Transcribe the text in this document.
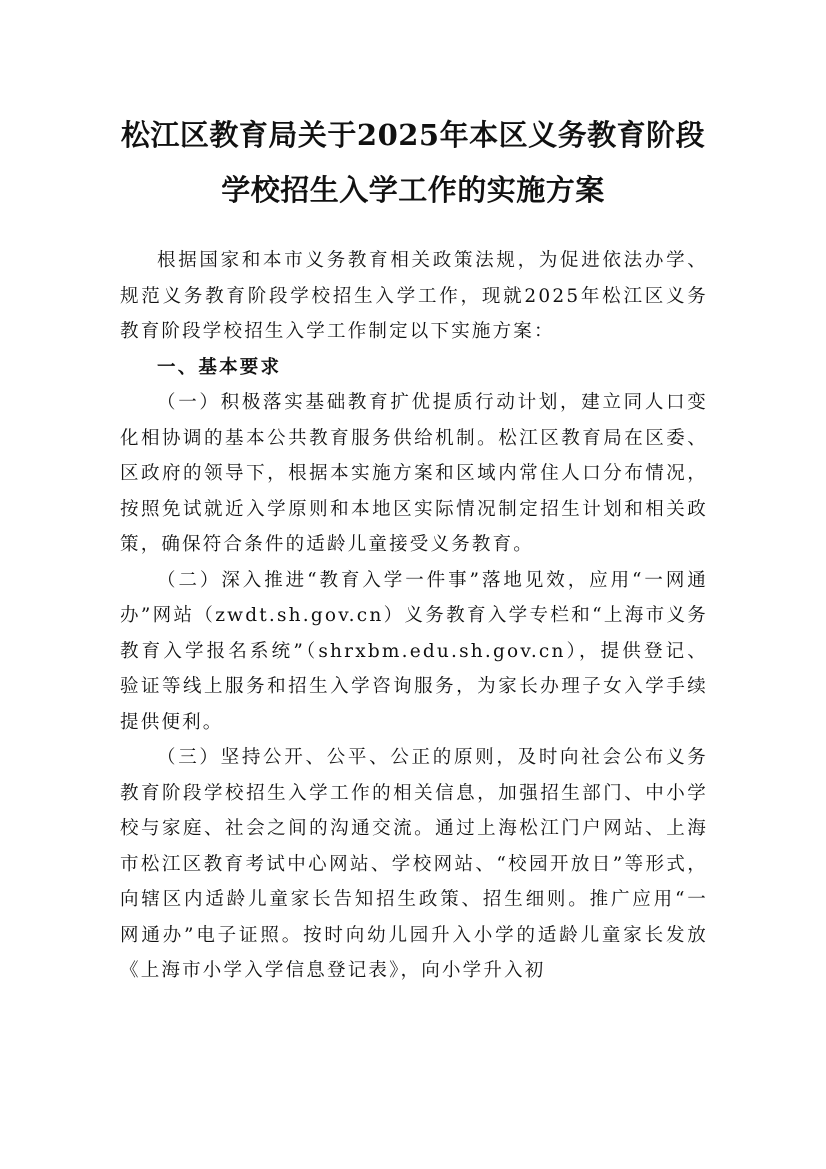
松江区教育局关于2025年本区义务教育阶段
学校招生入学工作的实施方案

根据国家和本市义务教育相关政策法规，为促进依法办学、规范义务教育阶段学校招生入学工作，现就2025年松江区义务教育阶段学校招生入学工作制定以下实施方案：

一、基本要求

（一）积极落实基础教育扩优提质行动计划，建立同人口变化相协调的基本公共教育服务供给机制。松江区教育局在区委、区政府的领导下，根据本实施方案和区域内常住人口分布情况，按照免试就近入学原则和本地区实际情况制定招生计划和相关政策，确保符合条件的适龄儿童接受义务教育。

（二）深入推进“教育入学一件事”落地见效，应用“一网通办”网站（zwdt.sh.gov.cn）义务教育入学专栏和“上海市义务教育入学报名系统”（shrxbm.edu.sh.gov.cn），提供登记、验证等线上服务和招生入学咨询服务，为家长办理子女入学手续提供便利。

（三）坚持公开、公平、公正的原则，及时向社会公布义务教育阶段学校招生入学工作的相关信息，加强招生部门、中小学校与家庭、社会之间的沟通交流。通过上海松江门户网站、上海市松江区教育考试中心网站、学校网站、“校园开放日”等形式，向辖区内适龄儿童家长告知招生政策、招生细则。推广应用“一网通办”电子证照。按时向幼儿园升入小学的适龄儿童家长发放《上海市小学入学信息登记表》，向小学升入初
